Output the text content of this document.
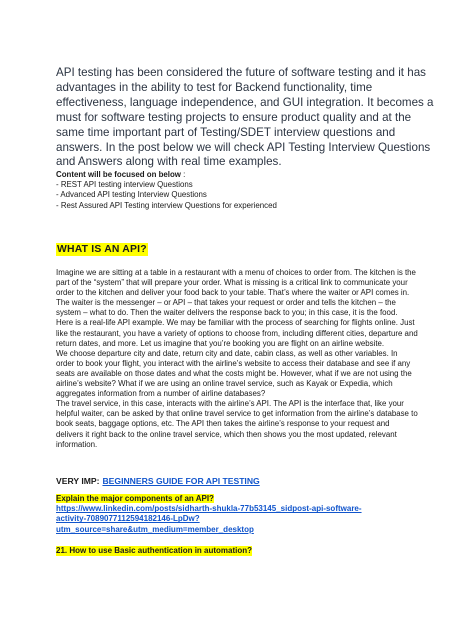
API testing has been considered the future of software testing and it has advantages in the ability to test for Backend functionality, time effectiveness, language independence, and GUI integration. It becomes a must for software testing projects to ensure product quality and at the same time important part of Testing/SDET interview questions and answers. In the post below we will check API Testing Interview Questions and Answers along with real time examples.

Content will be focused on below :
- REST API testing interview Questions
- Advanced API testing Interview Questions
- Rest Assured API Testing interview Questions for experienced
WHAT IS AN API?

Imagine we are sitting at a table in a restaurant with a menu of choices to order from. The kitchen is the part of the “system” that will prepare your order. What is missing is a critical link to communicate your order to the kitchen and deliver your food back to your table. That’s where the waiter or API comes in. The waiter is the messenger – or API – that takes your request or order and tells the kitchen – the system – what to do. Then the waiter delivers the response back to you; in this case, it is the food.

Here is a real-life API example. We may be familiar with the process of searching for flights online. Just like the restaurant, you have a variety of options to choose from, including different cities, departure and return dates, and more. Let us imagine that you’re booking you are flight on an airline website.

We choose departure city and date, return city and date, cabin class, as well as other variables. In order to book your flight, you interact with the airline’s website to access their database and see if any seats are available on those dates and what the costs might be. However, what if we are not using the airline’s website? What if we are using an online travel service, such as Kayak or Expedia, which aggregates information from a number of airline databases?

The travel service, in this case, interacts with the airline’s API. The API is the interface that, like your helpful waiter, can be asked by that online travel service to get information from the airline’s database to book seats, baggage options, etc. The API then takes the airline’s response to your request and delivers it right back to the online travel service, which then shows you the most updated, relevant information.

VERY IMP: BEGINNERS GUIDE FOR API TESTING
Explain the major components of an API?
https://www.linkedin.com/posts/sidharth-shukla-77b53145_sidpost-api-software-
activity-7089077112594182146-LpDw?
utm_source=share&utm_medium=member_desktop
21. How to use Basic authentication in automation?
